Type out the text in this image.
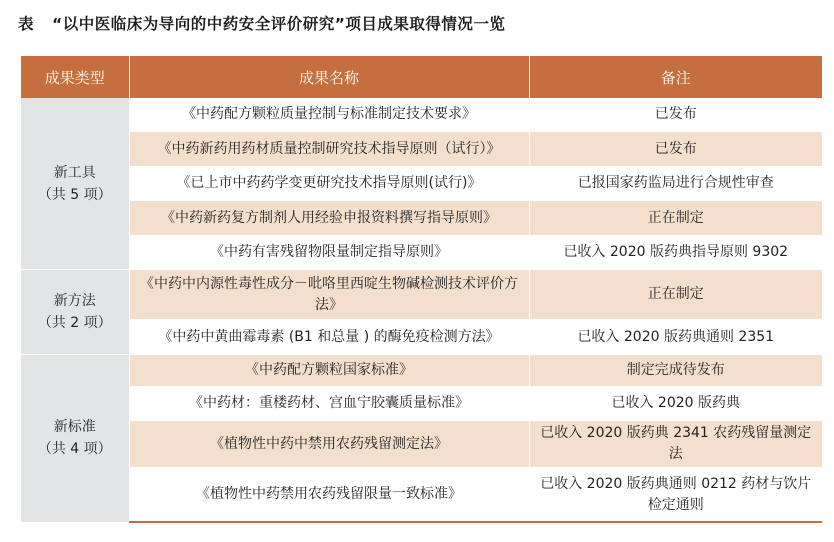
表 “以中医临床为导向的中药安全评价研究”项目成果取得情况一览
成果类型	成果名称	备注

新工具
（共 5 项）	《中药配方颗粒质量控制与标准制定技术要求》	已发布
	《中药新药用药材质量控制研究技术指导原则（试行）》	已发布
	《已上市中药药学变更研究技术指导原则(试行)》	已报国家药监局进行合规性审查
	《中药新药复方制剂人用经验申报资料撰写指导原则》	正在制定
	《中药有害残留物限量制定指导原则》	已收入 2020 版药典指导原则 9302

新方法
（共 2 项）	《中药中内源性毒性成分－吡咯里西啶生物碱检测技术评价方法》	正在制定
	《中药中黄曲霉毒素 (B1 和总量 ) 的酶免疫检测方法》	已收入 2020 版药典通则 2351

新标准
（共 4 项）	《中药配方颗粒国家标准》	制定完成待发布
	《中药材：重楼药材、宫血宁胶囊质量标准》	已收入 2020 版药典
	《植物性中药中禁用农药残留测定法》	已收入 2020 版药典 2341 农药残留量测定法
	《植物性中药禁用农药残留限量一致标准》	已收入 2020 版药典通则 0212 药材与饮片检定通则
